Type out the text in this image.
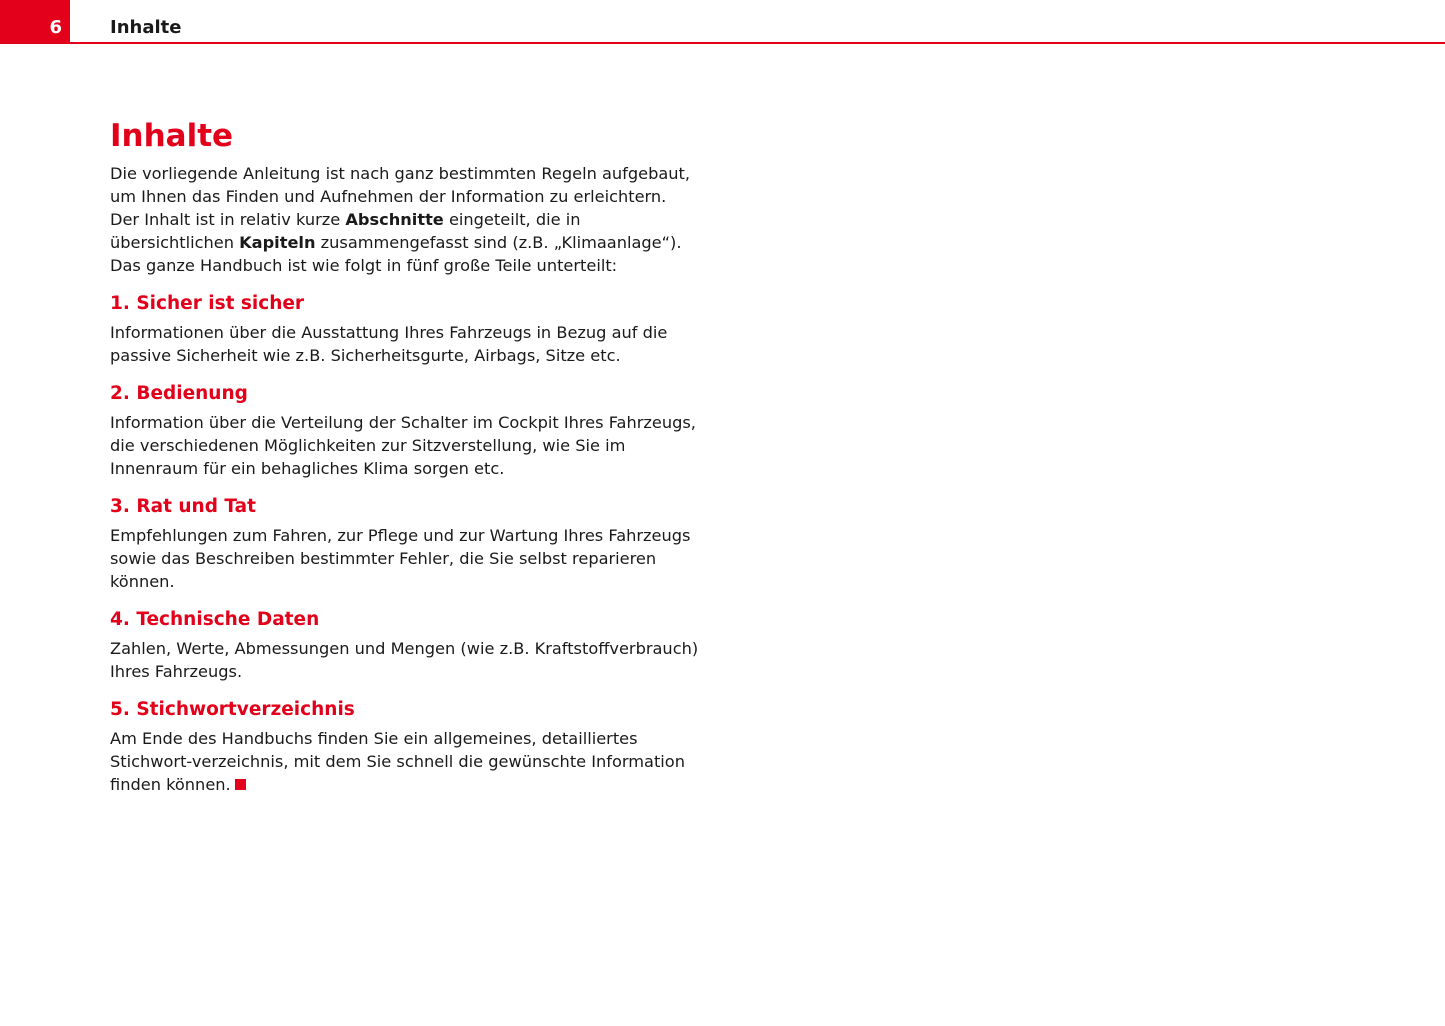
6	Inhalte
Inhalte

Die vorliegende Anleitung ist nach ganz bestimmten Regeln aufgebaut, um Ihnen das Finden und Aufnehmen der Information zu erleichtern. Der Inhalt ist in relativ kurze Abschnitte eingeteilt, die in übersichtlichen Kapiteln zusammengefasst sind (z.B. „Klimaanlage“). Das ganze Handbuch ist wie folgt in fünf große Teile unterteilt:

1. Sicher ist sicher

Informationen über die Ausstattung Ihres Fahrzeugs in Bezug auf die passive Sicherheit wie z.B. Sicherheitsgurte, Airbags, Sitze etc.

2. Bedienung

Information über die Verteilung der Schalter im Cockpit Ihres Fahrzeugs, die verschiedenen Möglichkeiten zur Sitzverstellung, wie Sie im Innenraum für ein behagliches Klima sorgen etc.

3. Rat und Tat

Empfehlungen zum Fahren, zur Pflege und zur Wartung Ihres Fahrzeugs sowie das Beschreiben bestimmter Fehler, die Sie selbst reparieren können.

4. Technische Daten

Zahlen, Werte, Abmessungen und Mengen (wie z.B. Kraftstoffverbrauch) Ihres Fahrzeugs.

5. Stichwortverzeichnis

Am Ende des Handbuchs finden Sie ein allgemeines, detailliertes Stichwort-verzeichnis, mit dem Sie schnell die gewünschte Information finden können.
